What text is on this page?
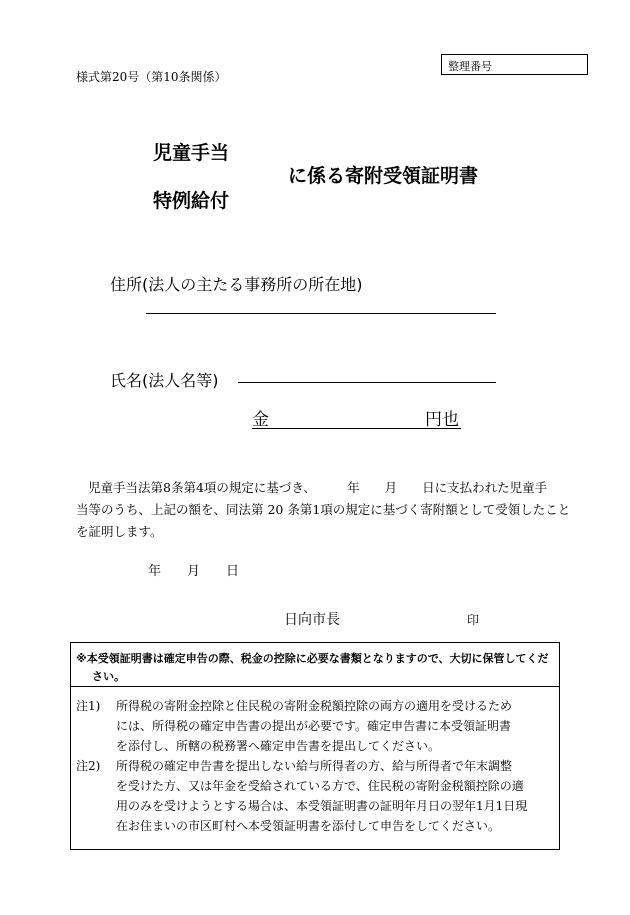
様式第20号（第10条関係）
整理番号
児童手当
特例給付
に係る寄附受領証明書
住所(法人の主たる事務所の所在地)
氏名(法人名等)
金	円也
児童手当法第8条第4項の規定に基づき、　　　年　　月　　日に支払われた児童手
当等のうち、上記の額を、同法第 20 条第1項の規定に基づく寄附額として受領したこと
を証明します。
年　　月　　日
日向市長	印
※本受領証明書は確定申告の際、税金の控除に必要な書類となりますので、大切に保管してくだ
さい。
注1) 所得税の寄附金控除と住民税の寄附金税額控除の両方の適用を受けるため
には、所得税の確定申告書の提出が必要です。確定申告書に本受領証明書
を添付し、所轄の税務署へ確定申告書を提出してください。
注2) 所得税の確定申告書を提出しない給与所得者の方、給与所得者で年末調整
を受けた方、又は年金を受給されている方で、住民税の寄附金税額控除の適
用のみを受けようとする場合は、本受領証明書の証明年月日の翌年1月1日現
在お住まいの市区町村へ本受領証明書を添付して申告をしてください。
